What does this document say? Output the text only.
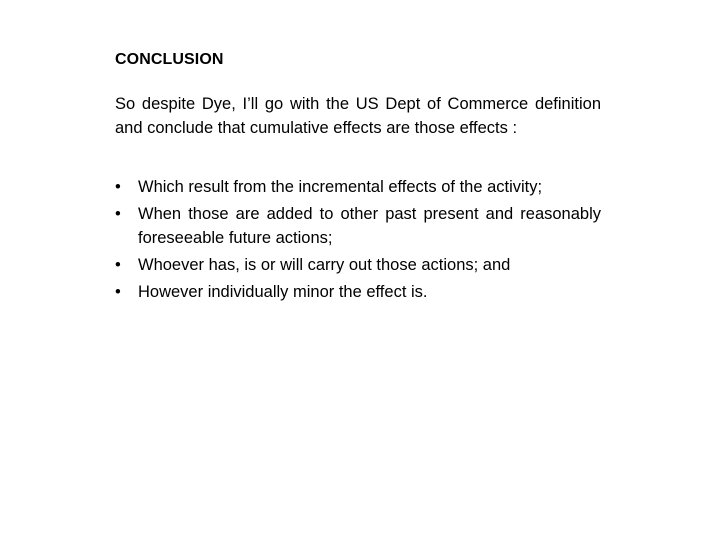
CONCLUSION

So despite Dye, I’ll go with the US Dept of Commerce definition and conclude that cumulative effects are those effects :

•	Which result from the incremental effects of the activity;
•	When those are added to other past present and reasonably foreseeable future actions;
•	Whoever has, is or will carry out those actions; and
•	However individually minor the effect is.
